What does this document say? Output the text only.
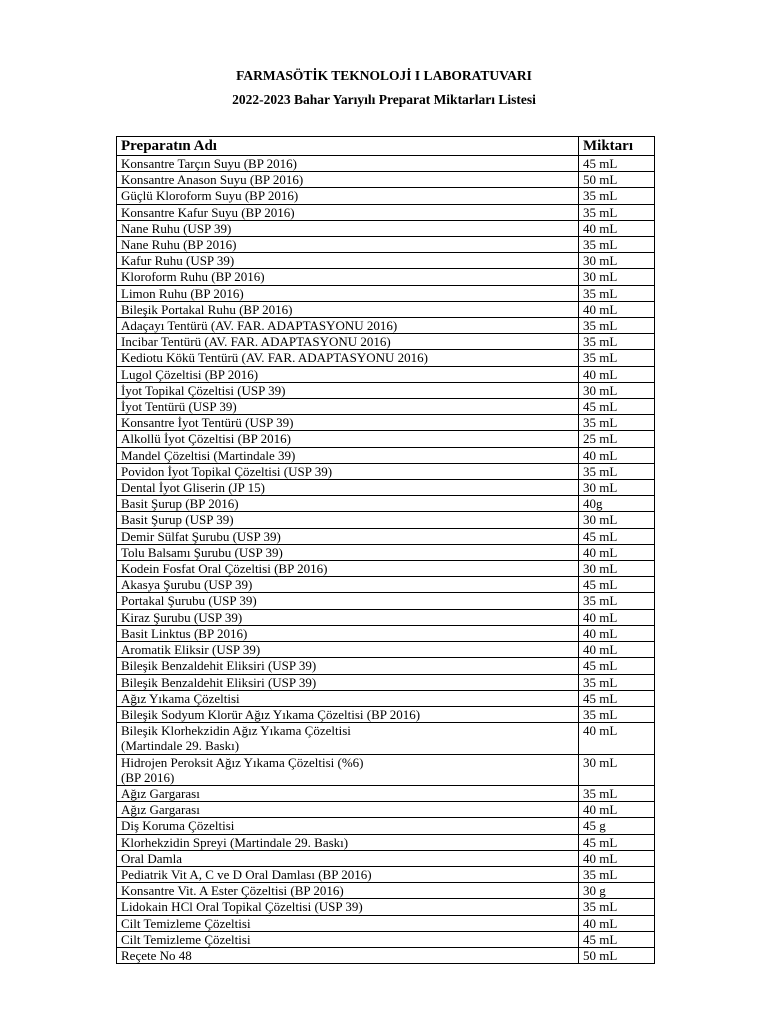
FARMASÖTİK TEKNOLOJİ I LABORATUVARI
2022-2023 Bahar Yarıyılı Preparat Miktarları Listesi
Preparatın Adı	Miktarı
Konsantre Tarçın Suyu (BP 2016)	45 mL
Konsantre Anason Suyu (BP 2016)	50 mL
Güçlü Kloroform Suyu (BP 2016)	35 mL
Konsantre Kafur Suyu (BP 2016)	35 mL
Nane Ruhu (USP 39)	40 mL
Nane Ruhu (BP 2016)	35 mL
Kafur Ruhu (USP 39)	30 mL
Kloroform Ruhu (BP 2016)	30 mL
Limon Ruhu (BP 2016)	35 mL
Bileşik Portakal Ruhu (BP 2016)	40 mL
Adaçayı Tentürü (AV. FAR. ADAPTASYONU 2016)	35 mL
Incibar Tentürü (AV. FAR. ADAPTASYONU 2016)	35 mL
Kediotu Kökü Tentürü (AV. FAR. ADAPTASYONU 2016)	35 mL
Lugol Çözeltisi (BP 2016)	40 mL
İyot Topikal Çözeltisi (USP 39)	30 mL
İyot Tentürü (USP 39)	45 mL
Konsantre İyot Tentürü (USP 39)	35 mL
Alkollü İyot Çözeltisi (BP 2016)	25 mL
Mandel Çözeltisi (Martindale 39)	40 mL
Povidon İyot Topikal Çözeltisi (USP 39)	35 mL
Dental İyot Gliserin (JP 15)	30 mL
Basit Şurup (BP 2016)	40g
Basit Şurup (USP 39)	30 mL
Demir Sülfat Şurubu (USP 39)	45 mL
Tolu Balsamı Şurubu (USP 39)	40 mL
Kodein Fosfat Oral Çözeltisi (BP 2016)	30 mL
Akasya Şurubu (USP 39)	45 mL
Portakal Şurubu (USP 39)	35 mL
Kiraz Şurubu (USP 39)	40 mL
Basit Linktus (BP 2016)	40 mL
Aromatik Eliksir (USP 39)	40 mL
Bileşik Benzaldehit Eliksiri (USP 39)	45 mL
Bileşik Benzaldehit Eliksiri (USP 39)	35 mL
Ağız Yıkama Çözeltisi	45 mL
Bileşik Sodyum Klorür Ağız Yıkama Çözeltisi (BP 2016)	35 mL
Bileşik Klorhekzidin Ağız Yıkama Çözeltisi
(Martindale 29. Baskı)	40 mL
Hidrojen Peroksit Ağız Yıkama Çözeltisi (%6)
(BP 2016)	30 mL
Ağız Gargarası	35 mL
Ağız Gargarası	40 mL
Diş Koruma Çözeltisi	45 g
Klorhekzidin Spreyi (Martindale 29. Baskı)	45 mL
Oral Damla	40 mL
Pediatrik Vit A, C ve D Oral Damlası (BP 2016)	35 mL
Konsantre Vit. A Ester Çözeltisi (BP 2016)	30 g
Lidokain HCl Oral Topikal Çözeltisi (USP 39)	35 mL
Cilt Temizleme Çözeltisi	40 mL
Cilt Temizleme Çözeltisi	45 mL
Reçete No 48	50 mL
